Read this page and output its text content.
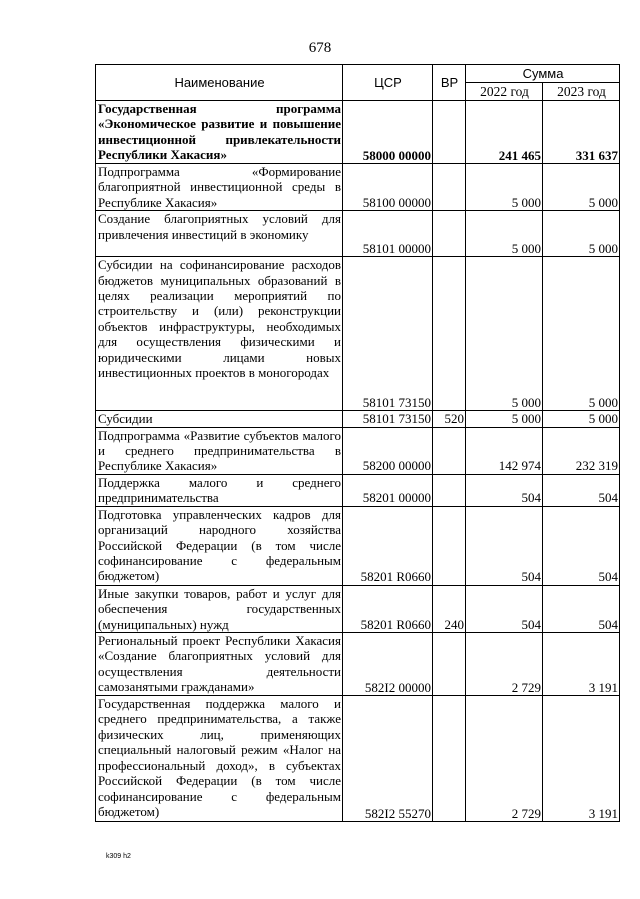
678
Наименование	ЦСР	ВР	Сумма	
			2022 год	2023 год
Государственная программа «Экономическое развитие и повышение инвестиционной привлекательности Республики Хакасия»	58000 00000		241 465	331 637
Подпрограмма «Формирование благоприятной инвестиционной среды в Республике Хакасия»	58100 00000		5 000	5 000
Создание благоприятных условий для привлечения инвестиций в экономику	58101 00000		5 000	5 000
Субсидии на софинансирование расходов бюджетов муниципальных образований в целях реализации мероприятий по строительству и (или) реконструкции объектов инфраструктуры, необходимых для осуществления физическими и юридическими лицами новых инвестиционных проектов в моногородах	58101 73150		5 000	5 000
Субсидии	58101 73150	520	5 000	5 000
Подпрограмма «Развитие субъектов малого и среднего предпринимательства в Республике Хакасия»	58200 00000		142 974	232 319
Поддержка малого и среднего предпринимательства	58201 00000		504	504
Подготовка управленческих кадров для организаций народного хозяйства Российской Федерации (в том числе софинансирование с федеральным бюджетом)	58201 R0660		504	504
Иные закупки товаров, работ и услуг для обеспечения государственных (муниципальных) нужд	58201 R0660	240	504	504
Региональный проект Республики Хакасия «Создание благоприятных условий для осуществления деятельности самозанятыми гражданами»	582I2 00000		2 729	3 191
Государственная поддержка малого и среднего предпринимательства, а также физических лиц, применяющих специальный налоговый режим «Налог на профессиональный доход», в субъектах Российской Федерации (в том числе софинансирование с федеральным бюджетом)	582I2 55270		2 729	3 191
k309 h2
